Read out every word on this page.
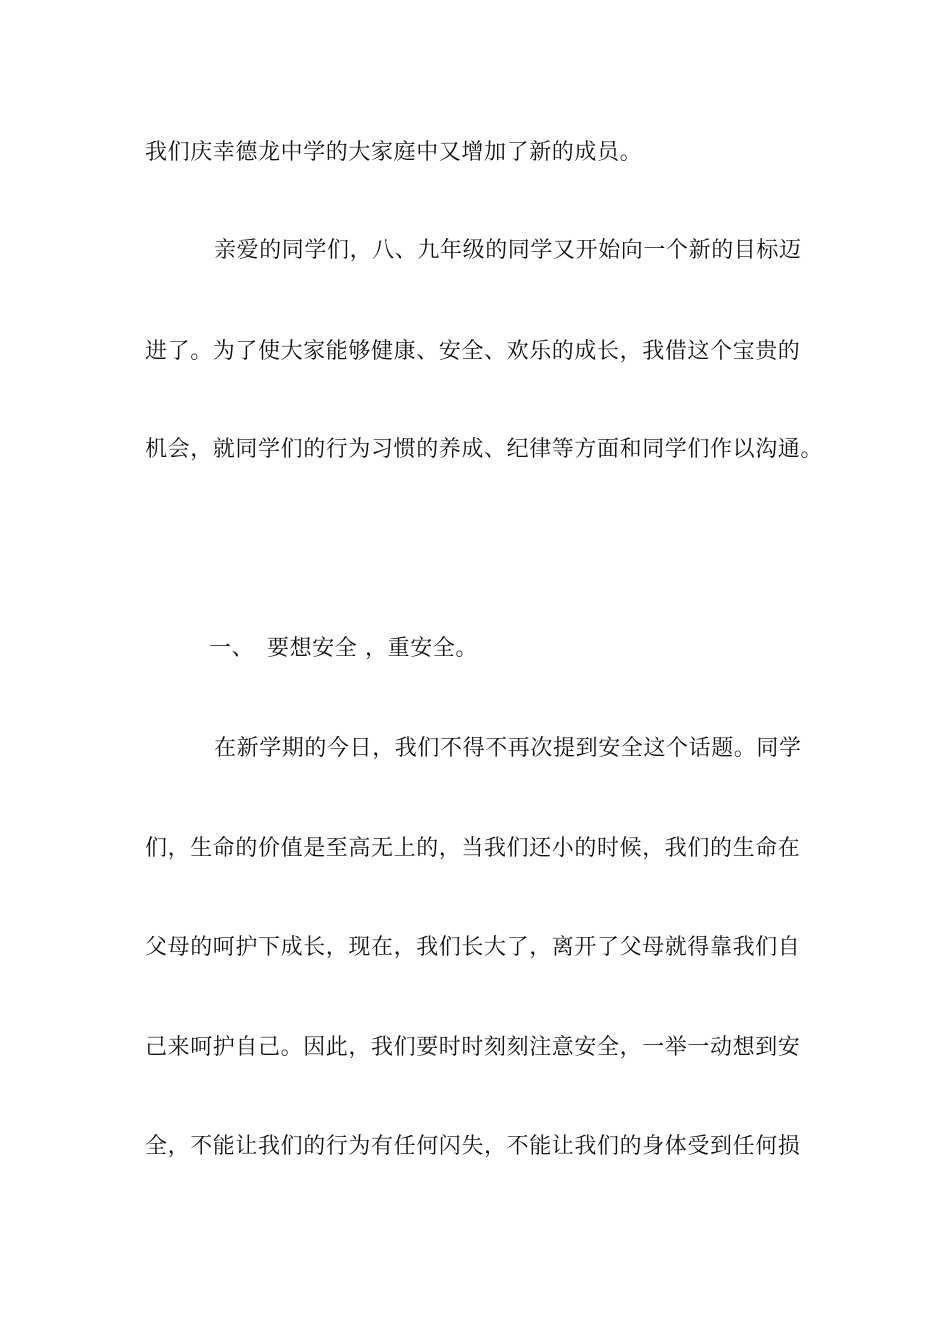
我们庆幸德龙中学的大家庭中又增加了新的成员。
亲爱的同学们，八、九年级的同学又开始向一个新的目标迈
进了。为了使大家能够健康、安全、欢乐的成长，我借这个宝贵的
机会，就同学们的行为习惯的养成、纪律等方面和同学们作以沟通。
一、 要想安全 ，重安全。
在新学期的今日，我们不得不再次提到安全这个话题。同学
们，生命的价值是至高无上的，当我们还小的时候，我们的生命在
父母的呵护下成长，现在，我们长大了，离开了父母就得靠我们自
己来呵护自己。因此，我们要时时刻刻注意安全，一举一动想到安
全，不能让我们的行为有任何闪失，不能让我们的身体受到任何损
